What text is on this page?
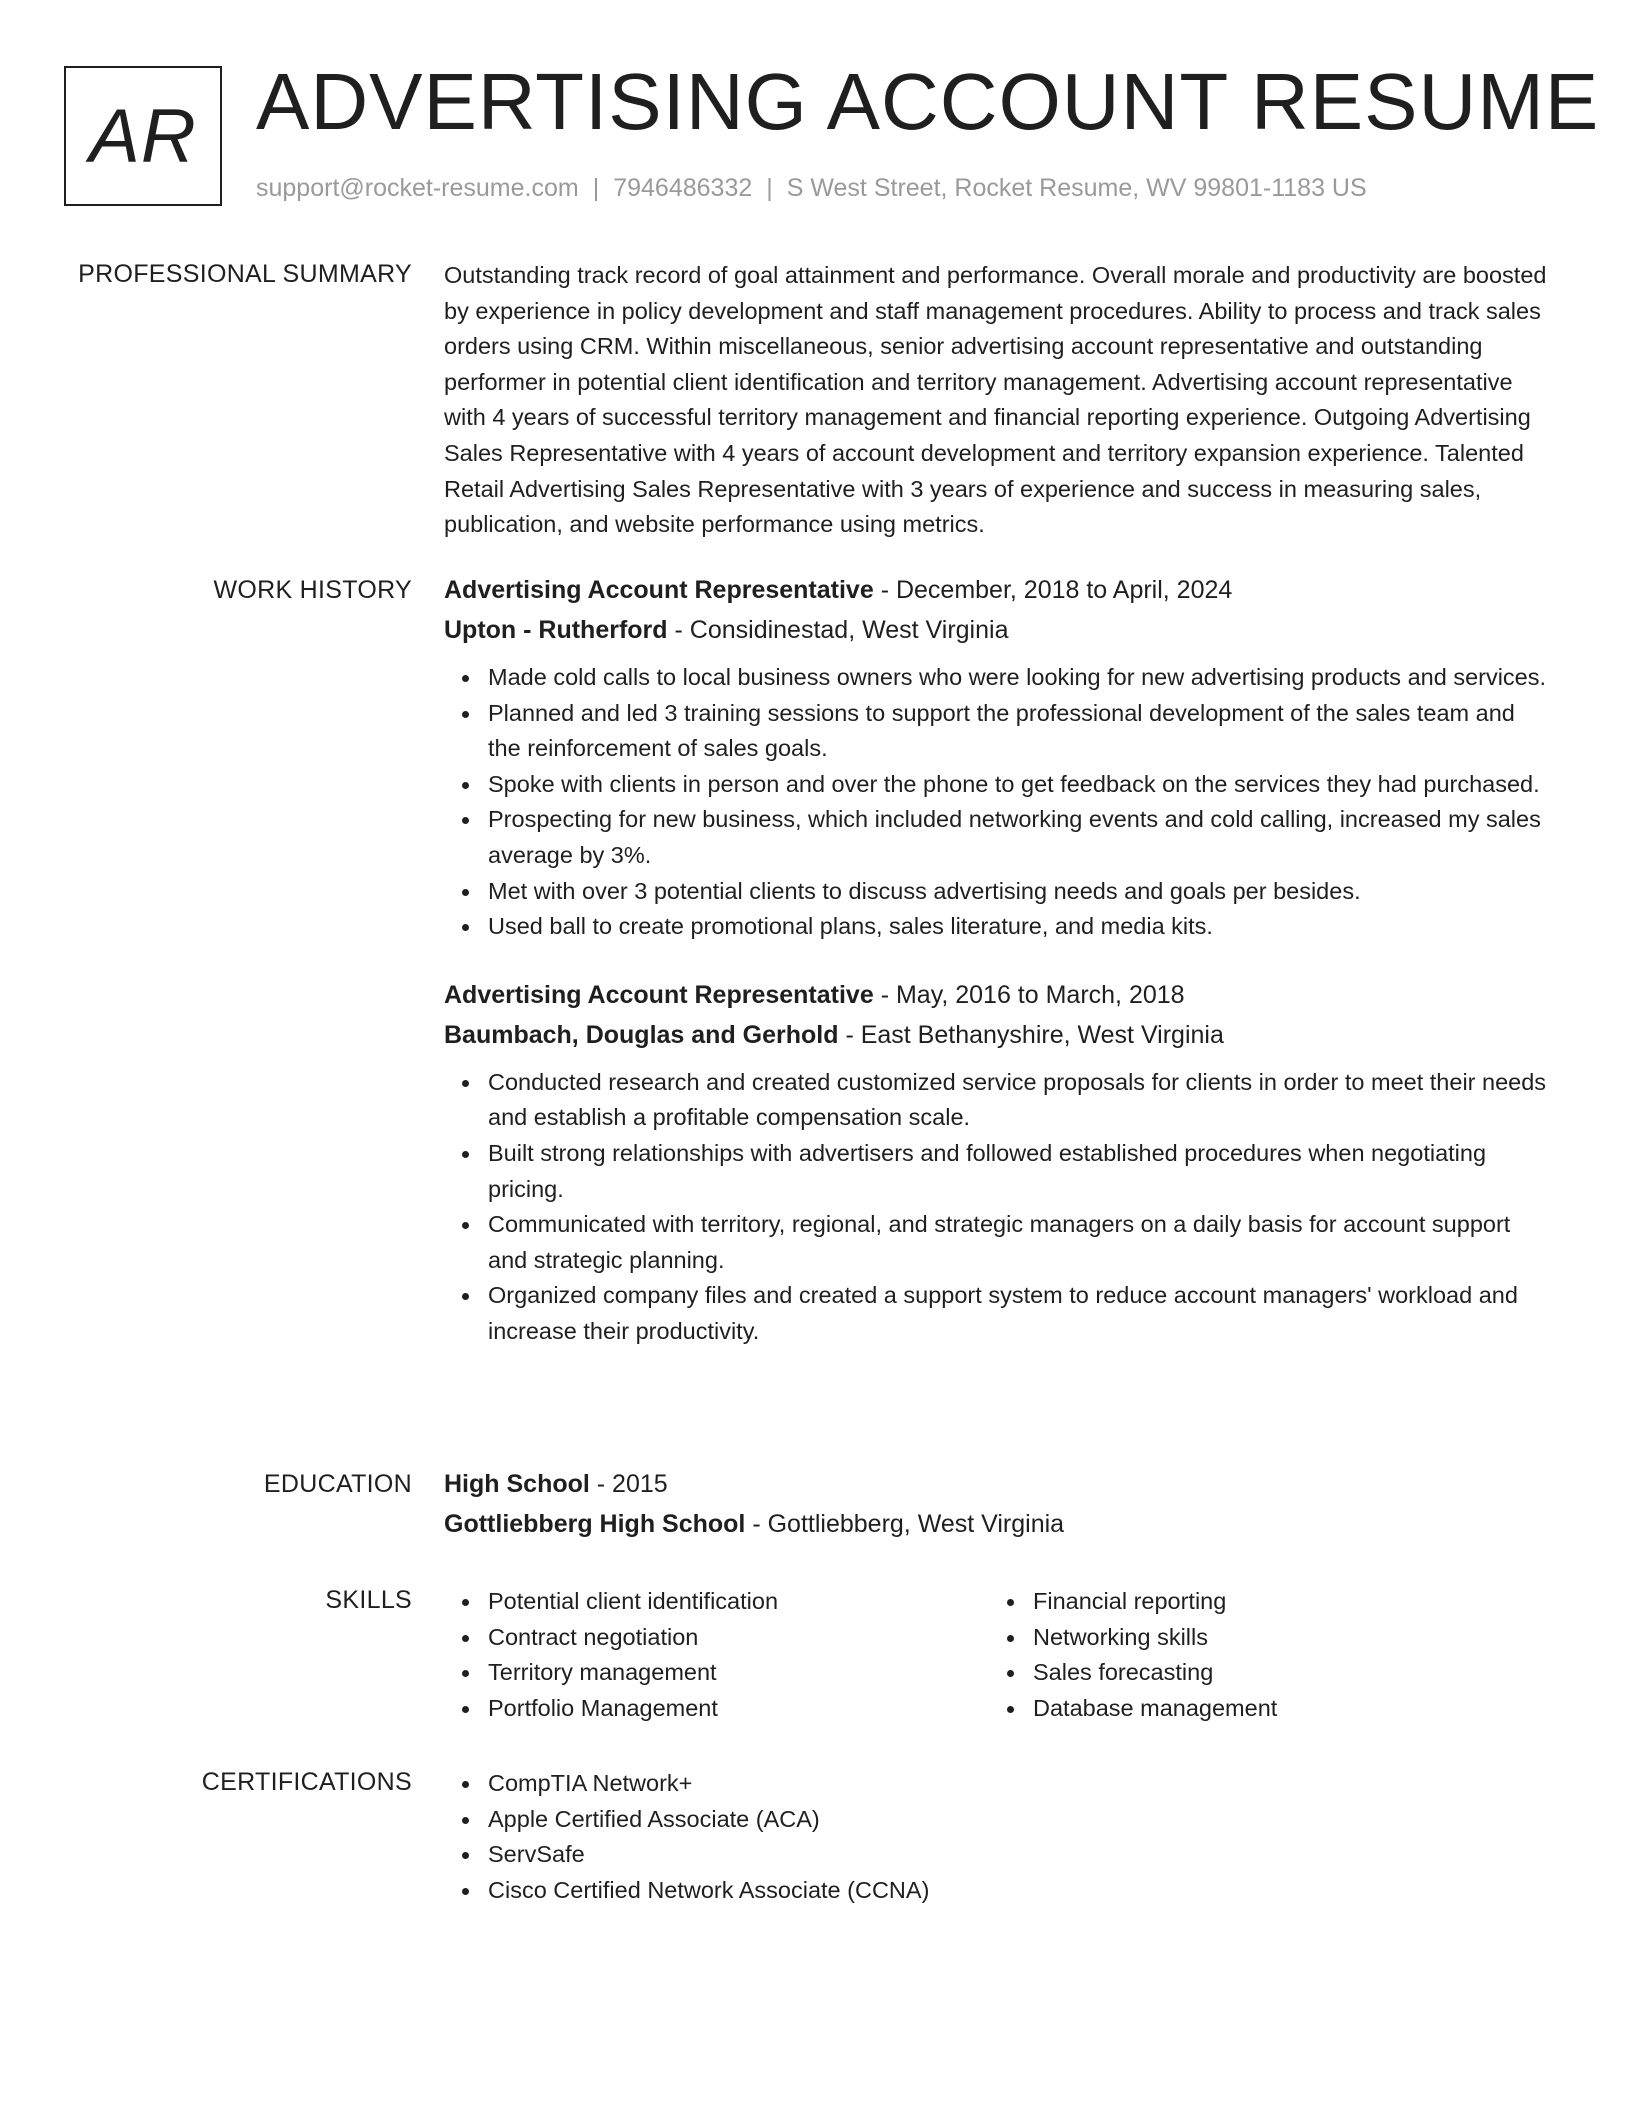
AR ADVERTISING ACCOUNT RESUME
support@rocket-resume.com | 7946486332 | S West Street, Rocket Resume, WV 99801-1183 US
PROFESSIONAL SUMMARY Outstanding track record of goal attainment and performance. Overall morale and productivity are boosted by experience in policy development and staff management procedures. Ability to process and track sales orders using CRM. Within miscellaneous, senior advertising account representative and outstanding performer in potential client identification and territory management. Advertising account representative with 4 years of successful territory management and financial reporting experience. Outgoing Advertising Sales Representative with 4 years of account development and territory expansion experience. Talented Retail Advertising Sales Representative with 3 years of experience and success in measuring sales, publication, and website performance using metrics.

WORK HISTORY Advertising Account Representative - December, 2018 to April, 2024
Upton - Rutherford - Considinestad, West Virginia
Made cold calls to local business owners who were looking for new advertising products and services.
Planned and led 3 training sessions to support the professional development of the sales team and the reinforcement of sales goals.
Spoke with clients in person and over the phone to get feedback on the services they had purchased.
Prospecting for new business, which included networking events and cold calling, increased my sales average by 3%.
Met with over 3 potential clients to discuss advertising needs and goals per besides.
Used ball to create promotional plans, sales literature, and media kits.
Advertising Account Representative - May, 2016 to March, 2018
Baumbach, Douglas and Gerhold - East Bethanyshire, West Virginia
Conducted research and created customized service proposals for clients in order to meet their needs and establish a profitable compensation scale.
Built strong relationships with advertisers and followed established procedures when negotiating pricing.
Communicated with territory, regional, and strategic managers on a daily basis for account support and strategic planning.
Organized company files and created a support system to reduce account managers' workload and increase their productivity.
EDUCATION High School - 2015
Gottliebberg High School - Gottliebberg, West Virginia
SKILLS	Potential client identification
Contract negotiation
Territory management
Portfolio Management
Financial reporting
Networking skills
Sales forecasting
Database management
CERTIFICATIONS	CompTIA Network+
Apple Certified Associate (ACA)
ServSafe
Cisco Certified Network Associate (CCNA)
